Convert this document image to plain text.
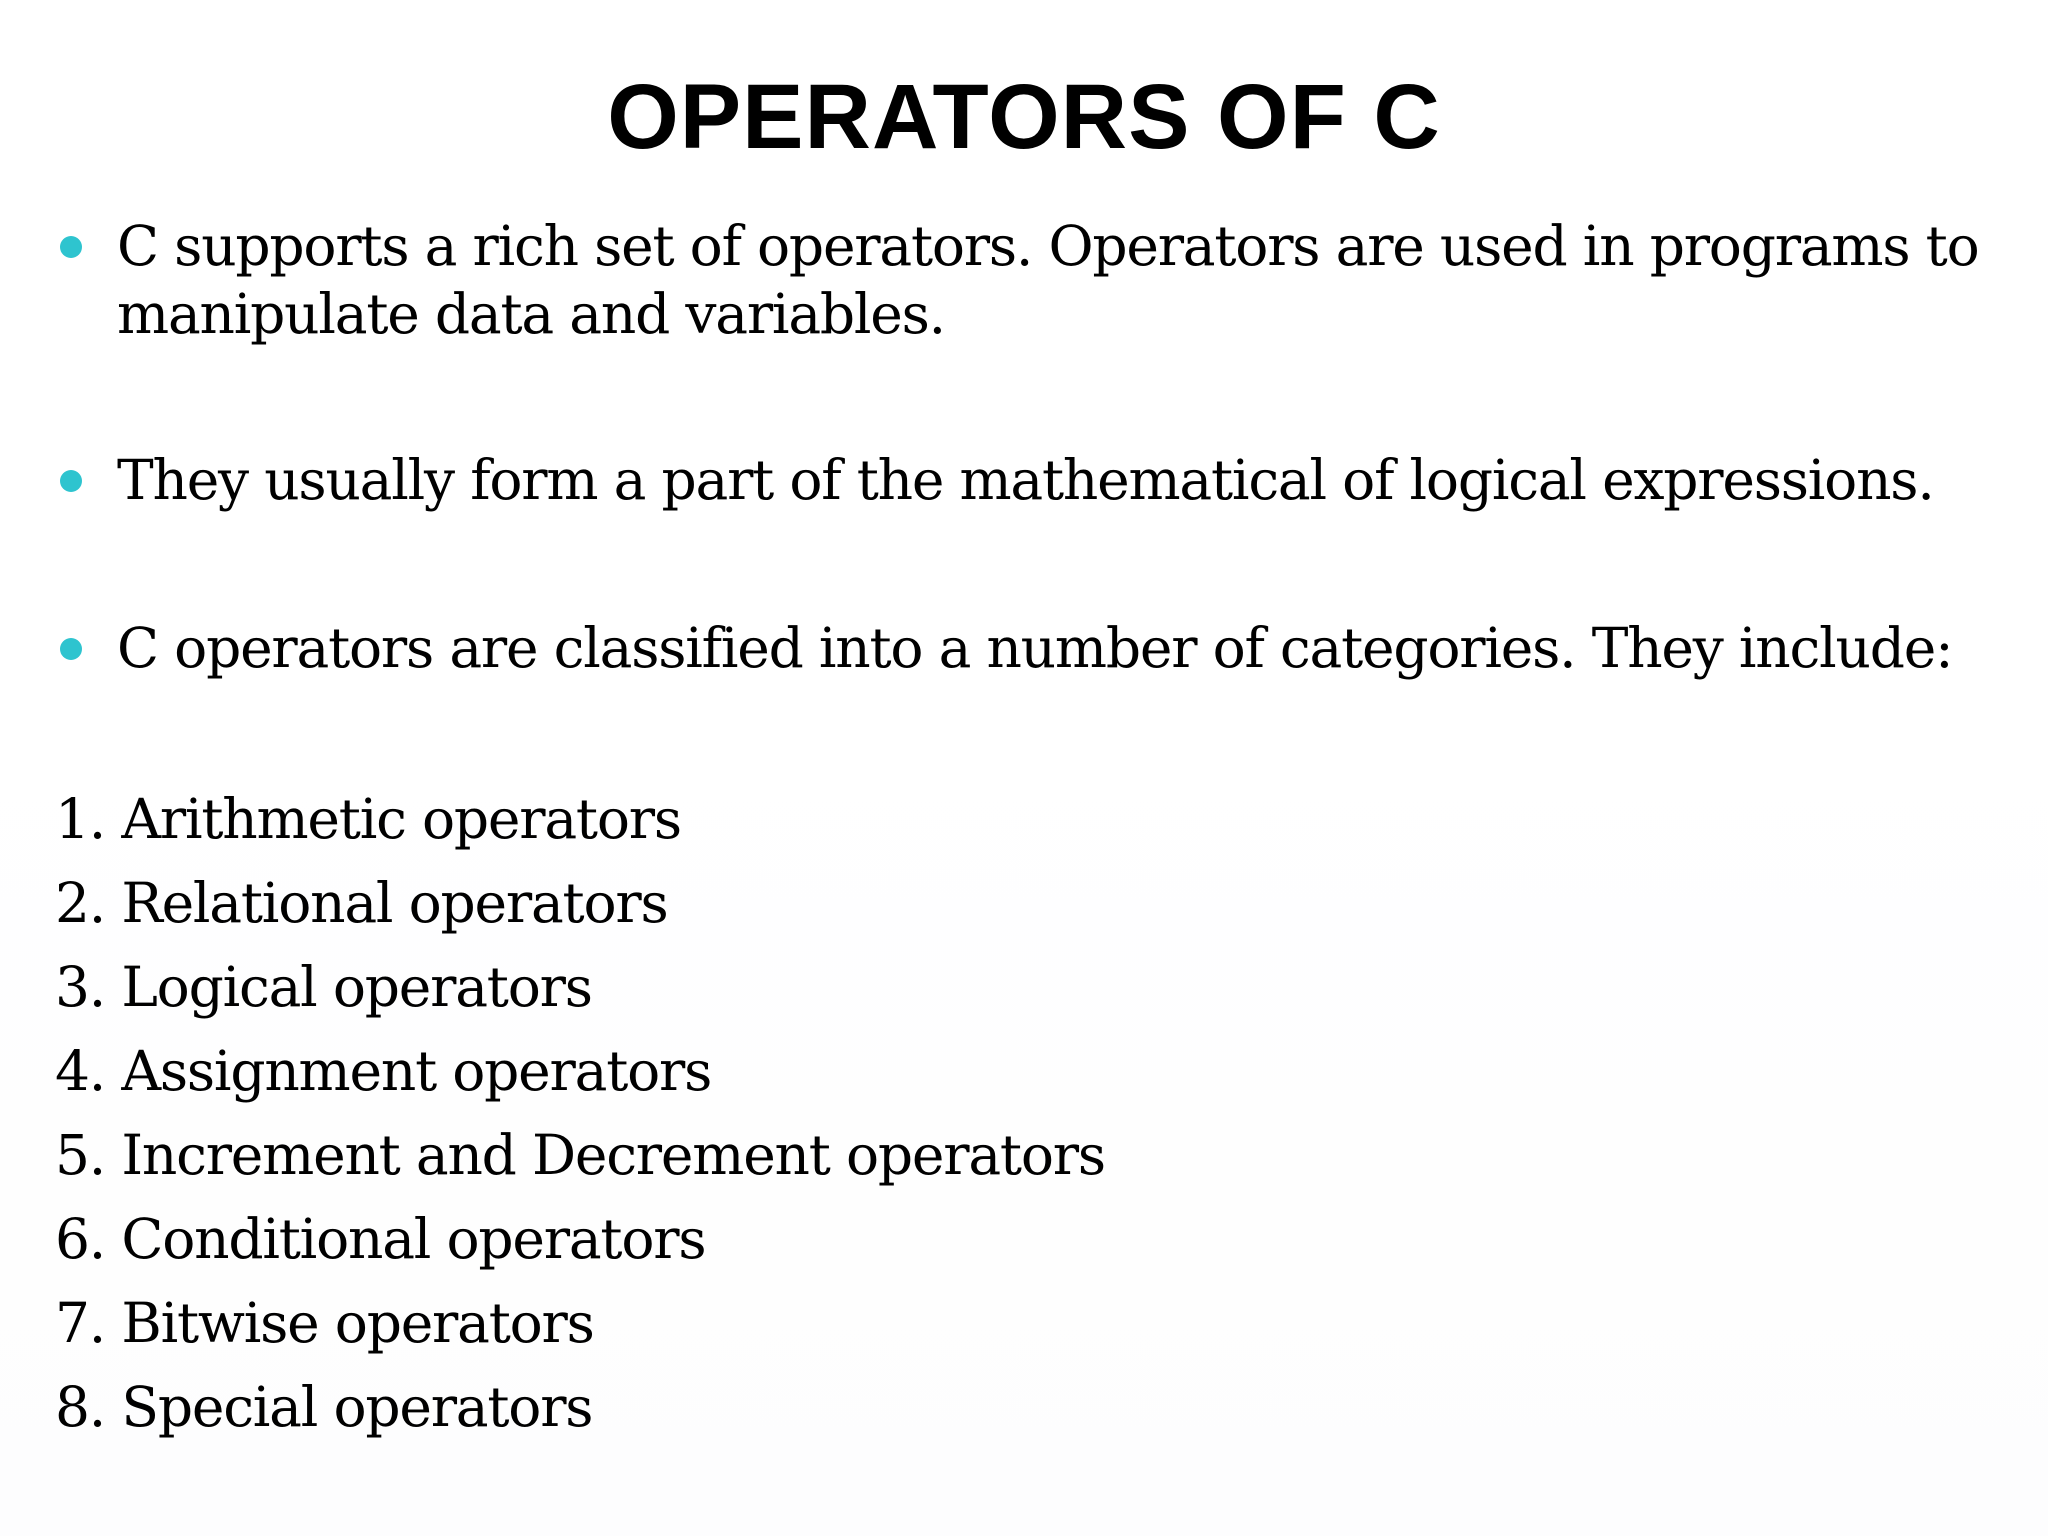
OPERATORS OF C
C supports a rich set of operators. Operators are used in programs to manipulate data and variables.
They usually form a part of the mathematical of logical expressions.
C operators are classified into a number of categories. They include:
1. Arithmetic operators
2. Relational operators
3. Logical operators
4. Assignment operators
5. Increment and Decrement operators
6. Conditional operators
7. Bitwise operators
8. Special operators
